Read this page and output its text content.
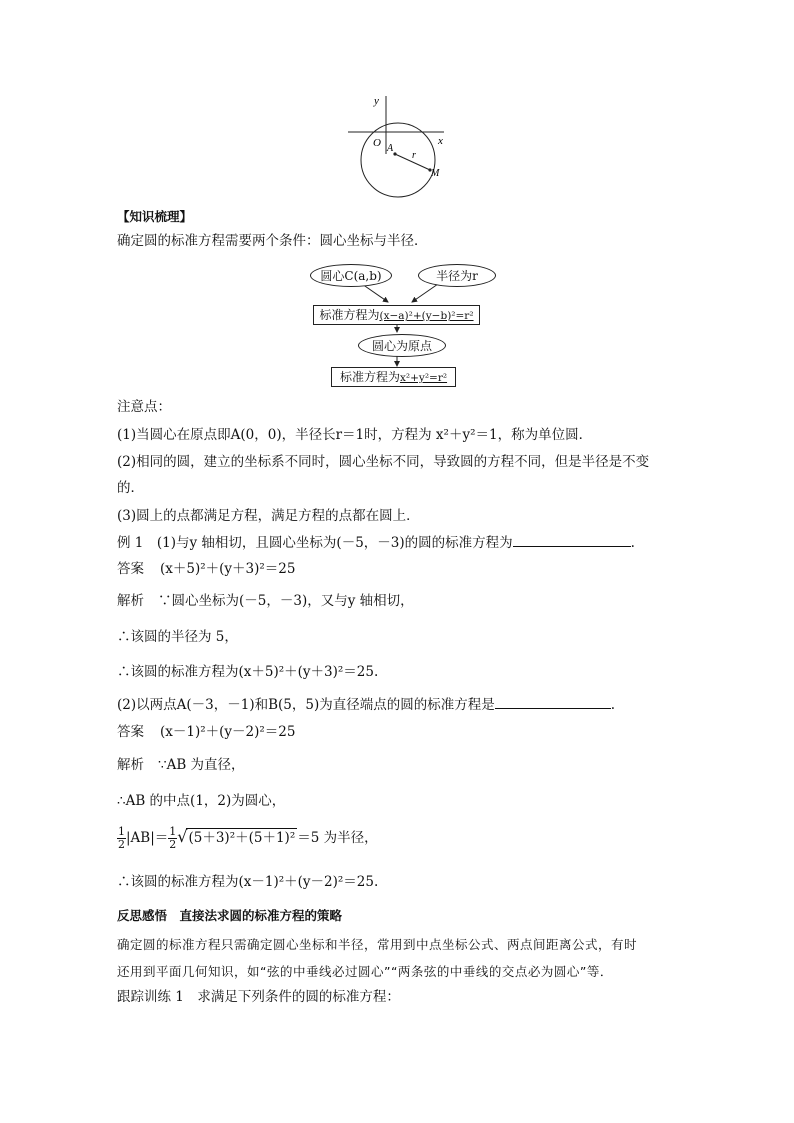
y
x
O A
r
M
【知识梳理】
确定圆的标准方程需要两个条件：圆心坐标与半径．
圆心C(a,b)	半径为r
标准方程为(x−a)²+(y−b)²=r²
圆心为原点
标准方程为x²+y²=r²
注意点：
(1)当圆心在原点即A(0，0)，半径长r＝1时，方程为 x²＋y²＝1，称为单位圆．
(2)相同的圆，建立的坐标系不同时，圆心坐标不同，导致圆的方程不同，但是半径是不变
的．
(3)圆上的点都满足方程，满足方程的点都在圆上．
例 1　(1)与y 轴相切，且圆心坐标为(－5，－3)的圆的标准方程为	.
答案 (x＋5)²＋(y＋3)²＝25
解析 ∵圆心坐标为(－5，－3)，又与y 轴相切，
∴该圆的半径为 5，
∴该圆的标准方程为(x＋5)²＋(y＋3)²＝25.
(2)以两点A(－3，－1)和B(5，5)为直径端点的圆的标准方程是	.
答案 (x－1)²＋(y－2)²＝25
解析 ∵AB 为直径，
∴AB 的中点(1，2)为圆心，
$\frac{1}{2} |AB|= \frac{1}{2} √(5+3)^2+(5+1)^2 =5$ 为半径，
∴该圆的标准方程为(x－1)²＋(y－2)²＝25.
反思感悟　直接法求圆的标准方程的策略
确定圆的标准方程只需确定圆心坐标和半径，常用到中点坐标公式、两点间距离公式，有时
还用到平面几何知识，如“弦的中垂线必过圆心”“两条弦的中垂线的交点必为圆心”等．
跟踪训练 1　求满足下列条件的圆的标准方程：
